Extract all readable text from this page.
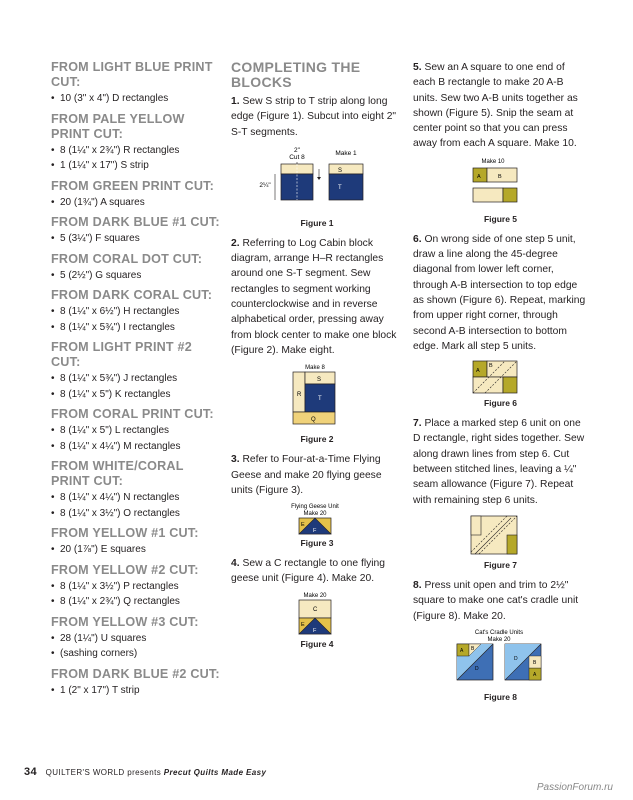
FROM LIGHT BLUE PRINT CUT:
• 10 (3" x 4") D rectangles
FROM PALE YELLOW PRINT CUT:
• 8 (1¼" x 2¾") R rectangles
• 1 (1¼" x 17") S strip
FROM GREEN PRINT CUT:
• 20 (1¾") A squares
FROM DARK BLUE #1 CUT:
• 5 (3¼") F squares
FROM CORAL DOT CUT:
• 5 (2½") G squares
FROM DARK CORAL CUT:
• 8 (1¼" x 6½") H rectangles
• 8 (1¼" x 5¾") I rectangles
FROM LIGHT PRINT #2 CUT:
• 8 (1¼" x 5¾") J rectangles
• 8 (1¼" x 5") K rectangles
FROM CORAL PRINT CUT:
• 8 (1¼" x 5") L rectangles
• 8 (1¼" x 4¼") M rectangles
FROM WHITE/CORAL PRINT CUT:
• 8 (1¼" x 4¼") N rectangles
• 8 (1¼" x 3½") O rectangles
FROM YELLOW #1 CUT:
• 20 (1⅞") E squares
FROM YELLOW #2 CUT:
• 8 (1¼" x 3½") P rectangles
• 8 (1¼" x 2¾") Q rectangles
FROM YELLOW #3 CUT:
• 28 (1¼") U squares
• (sashing corners)
FROM DARK BLUE #2 CUT:
• 1 (2" x 17") T strip
COMPLETING THE BLOCKS

1. Sew S strip to T strip along long edge (Figure 1). Subcut into eight 2" S-T segments.

2"
Cut 8
Make 1
2¼"
S
T
Figure 1

2. Referring to Log Cabin block diagram, arrange H–R rectangles around one S-T segment. Sew rectangles to segment working counterclockwise and in reverse alphabetical order, pressing away from block center to make one block (Figure 2). Make eight.

Make 8
R
S
T
Q
Figure 2

3. Refer to Four-at-a-Time Flying Geese and make 20 flying geese units (Figure 3).

Flying Geese Unit
Make 20
E
F
Figure 3

4. Sew a C rectangle to one flying geese unit (Figure 4). Make 20.

Make 20
C
E
F
Figure 4

5. Sew an A square to one end of each B rectangle to make 20 A-B units. Sew two A-B units together as shown (Figure 5). Snip the seam at center point so that you can press away from each A square. Make 10.

Make 10
A	B
Figure 5

6. On wrong side of one step 5 unit, draw a line along the 45-degree diagonal from lower left corner, through A-B intersection to top edge as shown (Figure 6). Repeat, marking from upper right corner, through second A-B intersection to bottom edge. Mark all step 5 units.

A
B
Figure 6

7. Place a marked step 6 unit on one D rectangle, right sides together. Sew along drawn lines from step 6. Cut between stitched lines, leaving a ¼" seam allowance (Figure 7). Repeat with remaining step 6 units.

Figure 7

8. Press unit open and trim to 2½" square to make one cat's cradle unit (Figure 8). Make 20.

Cat's Cradle Units
Make 20
A B
D
D
B
A
Figure 8
34 QUILTER'S WORLD presents Precut Quilts Made Easy
PassionForum.ru
